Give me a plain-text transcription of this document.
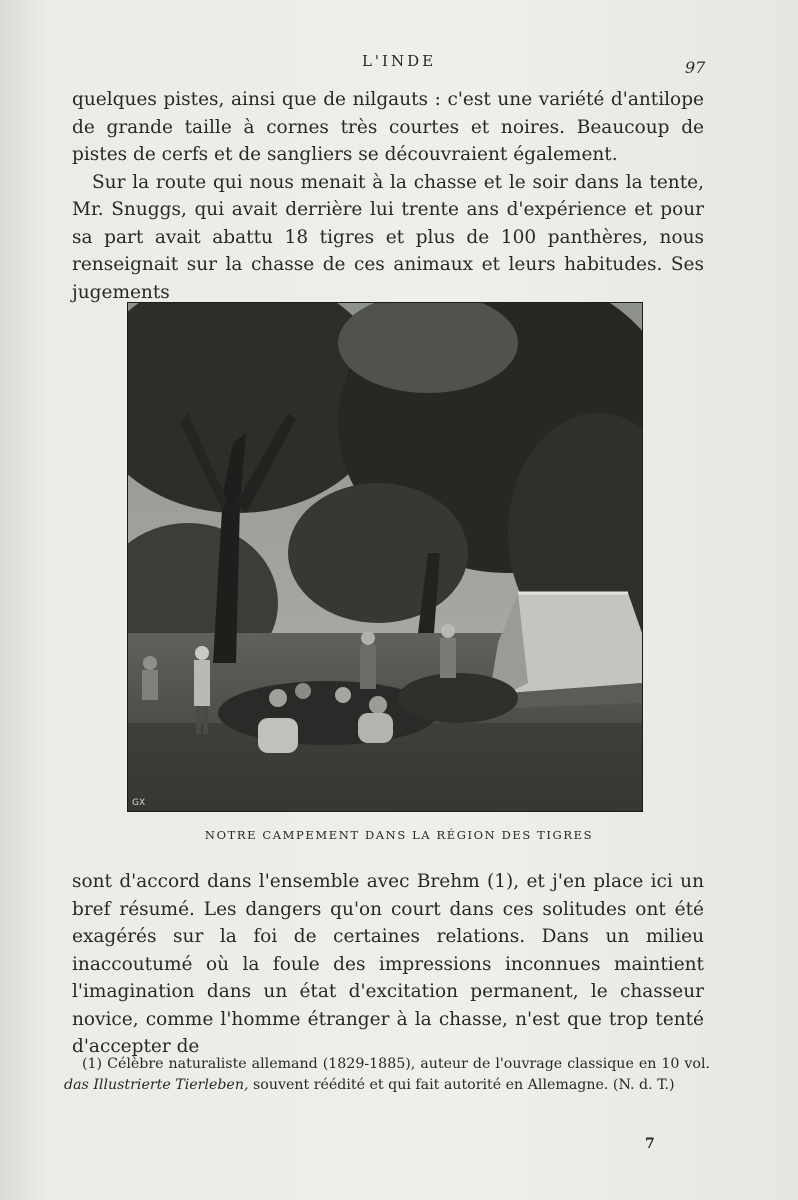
L'INDE	97

quelques pistes, ainsi que de nilgauts : c'est une variété d'antilope de grande taille à cornes très courtes et noires. Beaucoup de pistes de cerfs et de sangliers se découvraient également.

Sur la route qui nous menait à la chasse et le soir dans la tente, Mr. Snuggs, qui avait derrière lui trente ans d'expérience et pour sa part avait abattu 18 tigres et plus de 100 panthères, nous renseignait sur la chasse de ces animaux et leurs habitudes. Ses jugements

GX
NOTRE CAMPEMENT DANS LA RÉGION DES TIGRES

sont d'accord dans l'ensemble avec Brehm (1), et j'en place ici un bref résumé. Les dangers qu'on court dans ces solitudes ont été exagérés sur la foi de certaines relations. Dans un milieu inaccoutumé où la foule des impressions inconnues maintient l'imagination dans un état d'excitation permanent, le chasseur novice, comme l'homme étranger à la chasse, n'est que trop tenté d'accepter de

(1) Célèbre naturaliste allemand (1829-1885), auteur de l'ouvrage classique en 10 vol. das Illustrierte Tierleben, souvent réédité et qui fait autorité en Allemagne. (N. d. T.)

7
